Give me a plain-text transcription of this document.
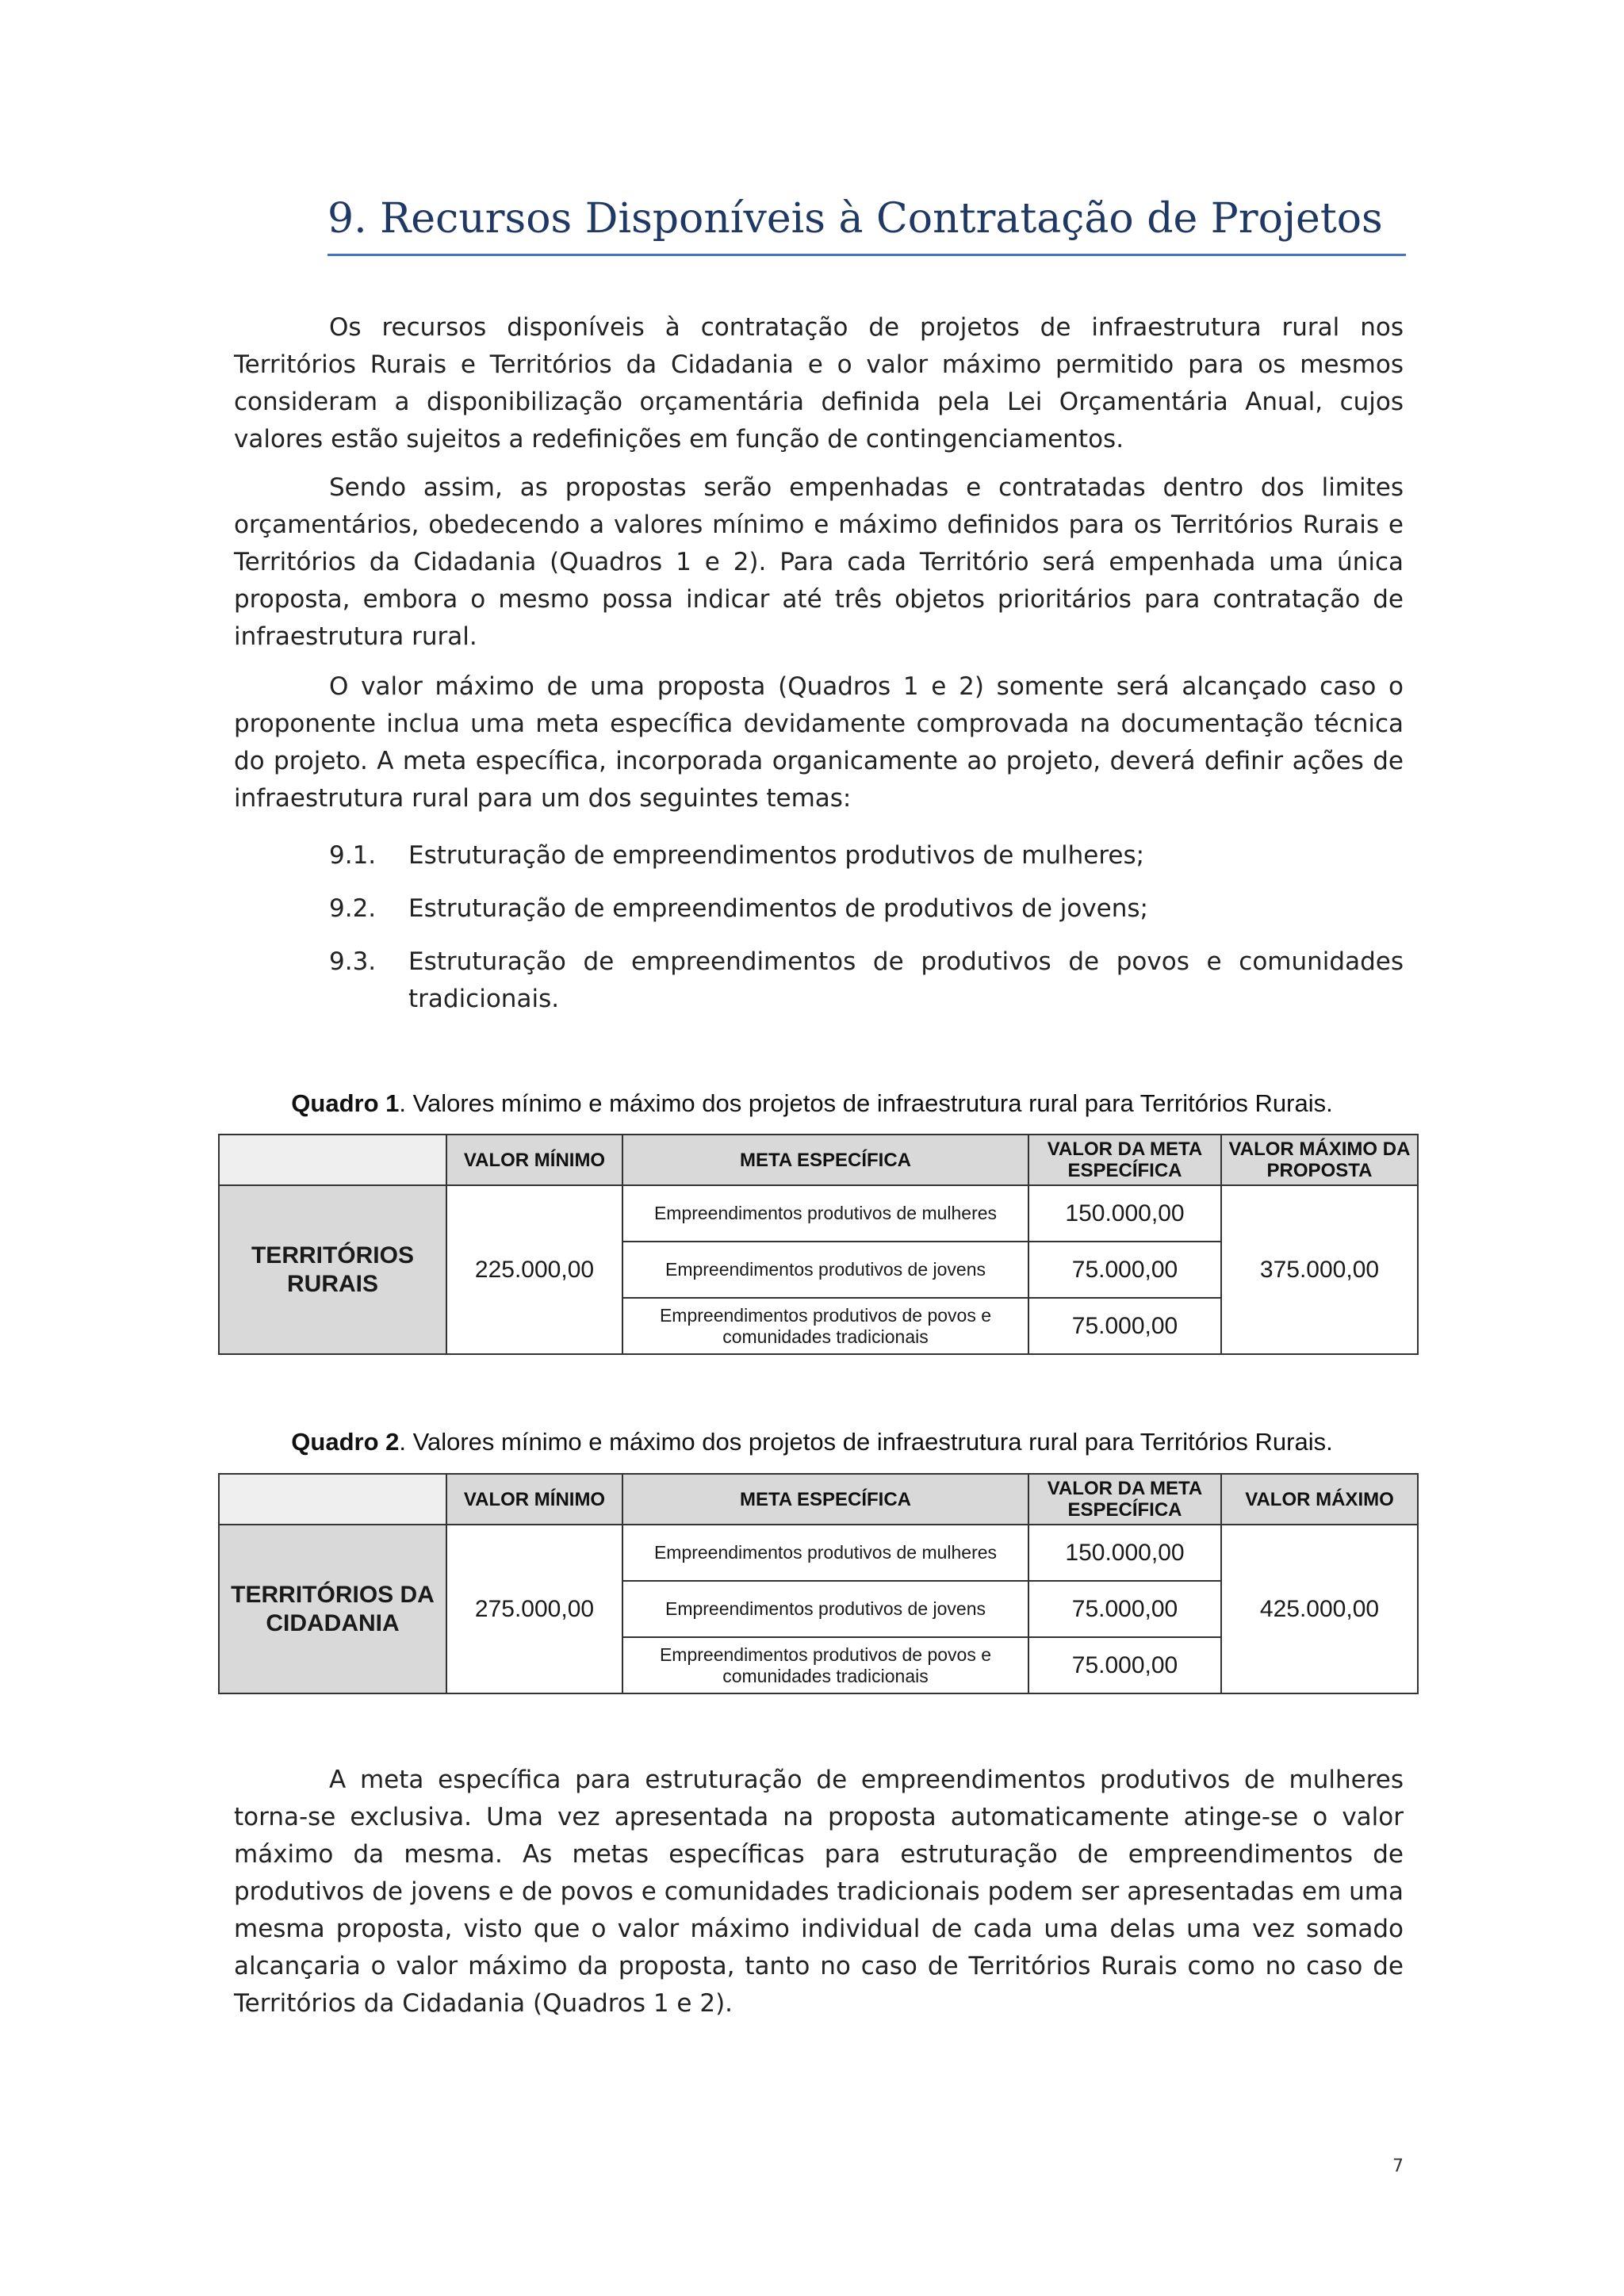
9. Recursos Disponíveis à Contratação de Projetos

Os recursos disponíveis à contratação de projetos de infraestrutura rural nos Territórios Rurais e Territórios da Cidadania e o valor máximo permitido para os mesmos consideram a disponibilização orçamentária definida pela Lei Orçamentária Anual, cujos valores estão sujeitos a redefinições em função de contingenciamentos.

Sendo assim, as propostas serão empenhadas e contratadas dentro dos limites orçamentários, obedecendo a valores mínimo e máximo definidos para os Territórios Rurais e Territórios da Cidadania (Quadros 1 e 2). Para cada Território será empenhada uma única proposta, embora o mesmo possa indicar até três objetos prioritários para contratação de infraestrutura rural.

O valor máximo de uma proposta (Quadros 1 e 2) somente será alcançado caso o proponente inclua uma meta específica devidamente comprovada na documentação técnica do projeto. A meta específica, incorporada organicamente ao projeto, deverá definir ações de infraestrutura rural para um dos seguintes temas:

9.1.	Estruturação de empreendimentos produtivos de mulheres;
9.2.	Estruturação de empreendimentos de produtivos de jovens;
9.3.	Estruturação de empreendimentos de produtivos de povos e comunidades tradicionais.

Quadro 1. Valores mínimo e máximo dos projetos de infraestrutura rural para Territórios Rurais.

	VALOR MÍNIMO	META ESPECÍFICA	VALOR DA META ESPECÍFICA	VALOR MÁXIMO DA PROPOSTA
TERRITÓRIOS RURAIS	225.000,00	Empreendimentos produtivos de mulheres	150.000,00	375.000,00
		Empreendimentos produtivos de jovens	75.000,00	
		Empreendimentos produtivos de povos e comunidades tradicionais	75.000,00	

Quadro 2. Valores mínimo e máximo dos projetos de infraestrutura rural para Territórios Rurais.

	VALOR MÍNIMO	META ESPECÍFICA	VALOR DA META ESPECÍFICA	VALOR MÁXIMO
TERRITÓRIOS DA CIDADANIA	275.000,00	Empreendimentos produtivos de mulheres	150.000,00	425.000,00
		Empreendimentos produtivos de jovens	75.000,00	
		Empreendimentos produtivos de povos e comunidades tradicionais	75.000,00	

A meta específica para estruturação de empreendimentos produtivos de mulheres torna-se exclusiva. Uma vez apresentada na proposta automaticamente atinge-se o valor máximo da mesma. As metas específicas para estruturação de empreendimentos de produtivos de jovens e de povos e comunidades tradicionais podem ser apresentadas em uma mesma proposta, visto que o valor máximo individual de cada uma delas uma vez somado alcançaria o valor máximo da proposta, tanto no caso de Territórios Rurais como no caso de Territórios da Cidadania (Quadros 1 e 2).

7
